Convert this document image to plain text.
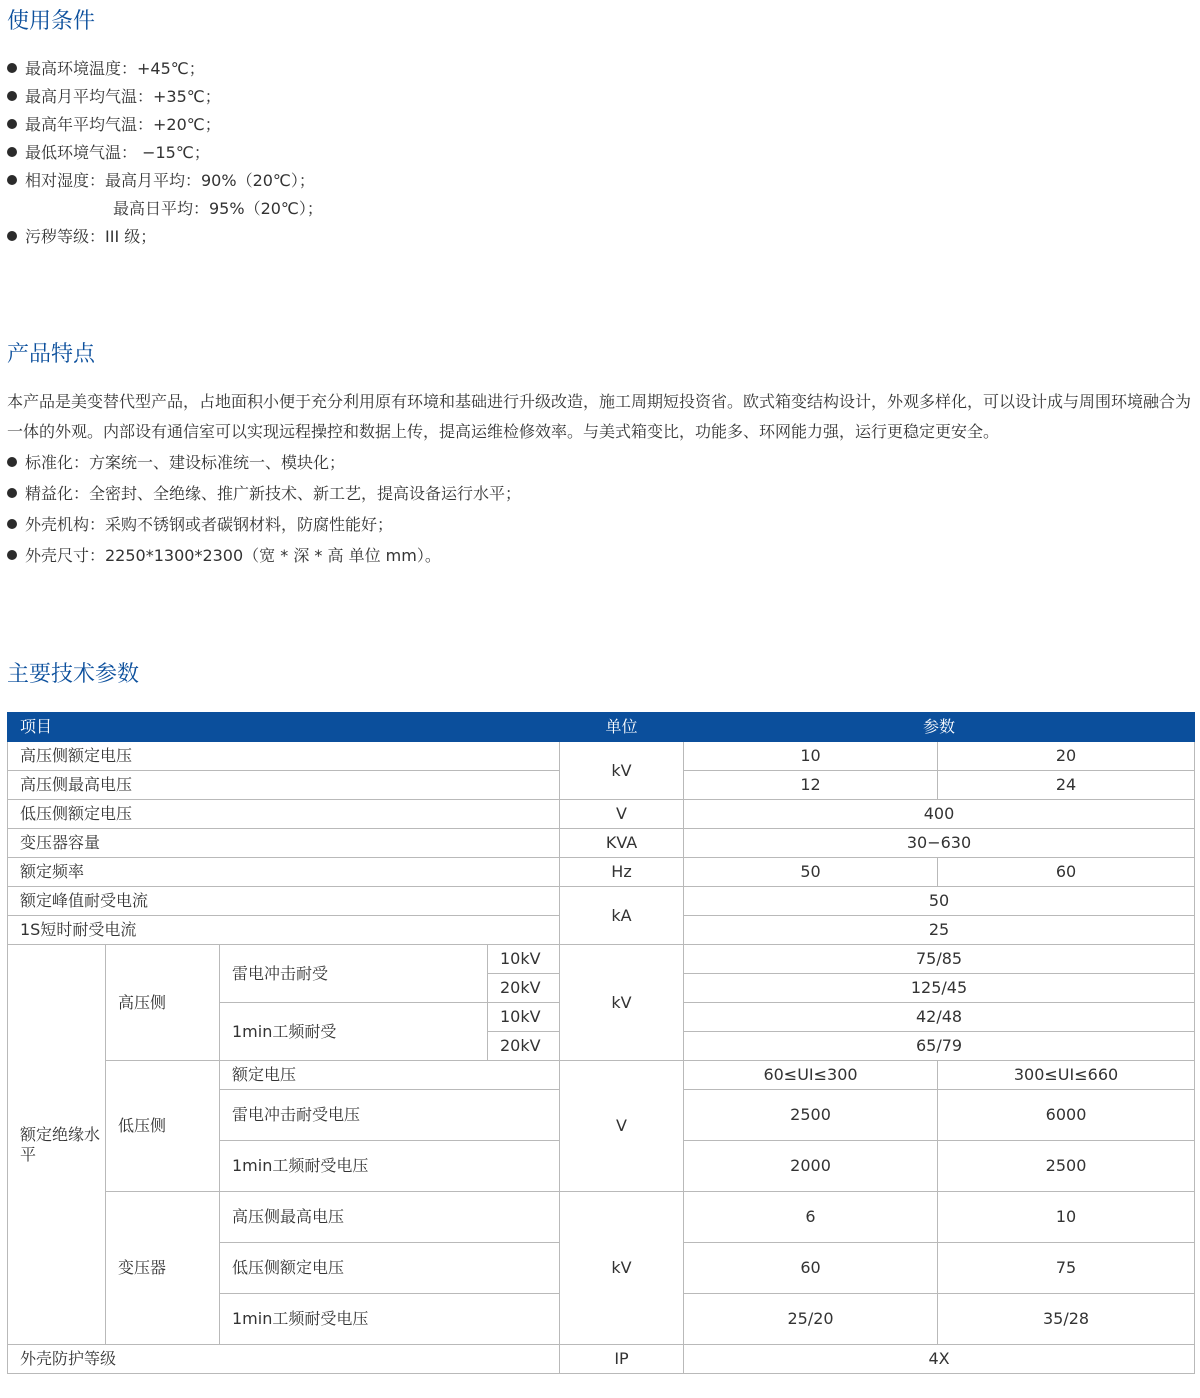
使用条件
最高环境温度：+45℃；
最高月平均气温：+35℃；
最高年平均气温：+20℃；
最低环境气温： −15℃；
相对湿度：最高月平均：90%（20℃）；
最高日平均：95%（20℃）；
污秽等级：III 级；
产品特点

本产品是美变替代型产品，占地面积小便于充分利用原有环境和基础进行升级改造，施工周期短投资省。欧式箱变结构设计，外观多样化，可以设计成与周围环境融合为一体的外观。内部设有通信室可以实现远程操控和数据上传，提高运维检修效率。与美式箱变比，功能多、环网能力强，运行更稳定更安全。

标准化：方案统一、建设标准统一、模块化；
精益化：全密封、全绝缘、推广新技术、新工艺，提高设备运行水平；
外壳机构：采购不锈钢或者碳钢材料，防腐性能好；
外壳尺寸：2250*1300*2300（宽 * 深 * 高 单位 mm）。
主要技术参数
项目				单位	参数		
高压侧额定电压				kV	10	20	
高压侧最高电压					12	24	
低压侧额定电压				V	400		
变压器容量				KVA	30−630		
额定频率				Hz	50	60	
额定峰值耐受电流				kA	50		
1S短时耐受电流					25		
额定绝缘水平	高压侧	雷电冲击耐受	10kV	kV	75/85		
			20kV		125/45		
		1min工频耐受	10kV		42/48		
			20kV		65/79		
	低压侧	额定电压		V	60≤UI≤300	300≤UI≤660	
		雷电冲击耐受电压			2500	6000	
		1min工频耐受电压			2000	2500	
	变压器	高压侧最高电压		kV	6	10	
		低压侧额定电压			60	75	
		1min工频耐受电压			25/20	35/28	
外壳防护等级				IP	4X		
